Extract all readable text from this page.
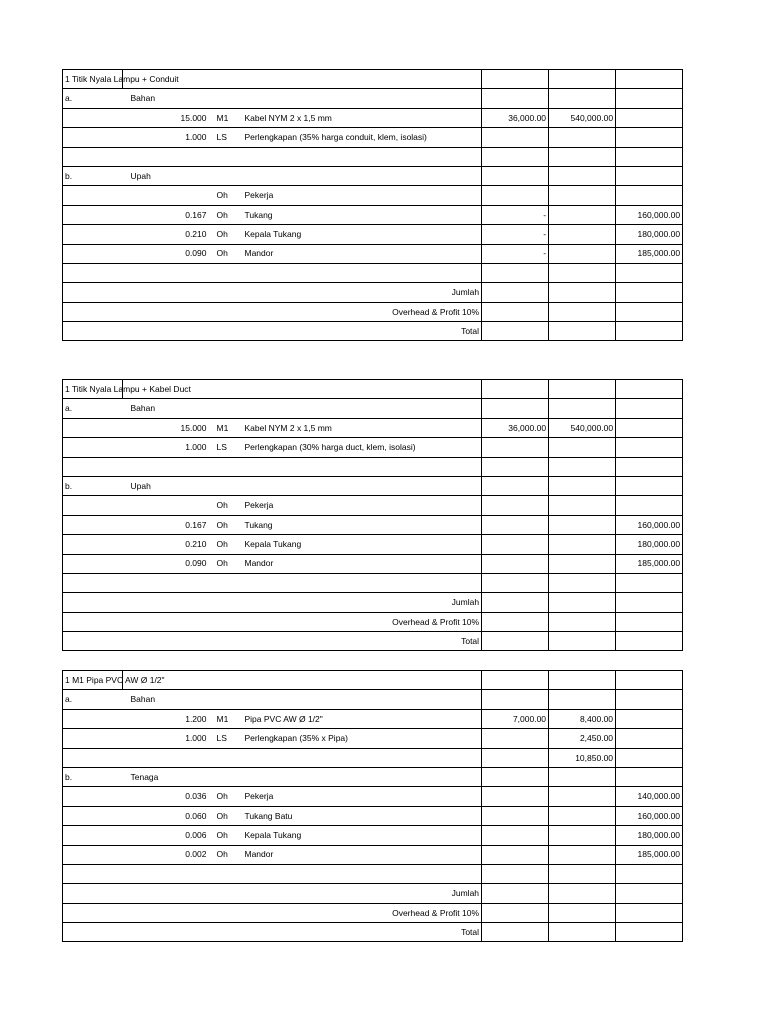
1 Titik Nyala Lampu + Conduit							
a.	Bahan						
		15.000	M1	Kabel NYM 2 x 1,5 mm	36,000.00	540,000.00	
		1.000	LS	Perlengkapan (35% harga conduit, klem, isolasi)			

b.	Upah						
			Oh	Pekerja			
		0.167	Oh	Tukang	-		160,000.00
		0.210	Oh	Kepala Tukang	-		180,000.00
		0.090	Oh	Mandor	-		185,000.00

Jumlah							
Overhead & Profit 10%							
Total							
1 Titik Nyala Lampu + Kabel Duct							
a.	Bahan						
		15.000	M1	Kabel NYM 2 x 1,5 mm	36,000.00	540,000.00	
		1.000	LS	Perlengkapan (30% harga duct, klem, isolasi)			

b.	Upah						
			Oh	Pekerja			
		0.167	Oh	Tukang			160,000.00
		0.210	Oh	Kepala Tukang			180,000.00
		0.090	Oh	Mandor			185,000.00

Jumlah							
Overhead & Profit 10%							
Total							
1 M1 Pipa PVC AW Ø 1/2"							
a.	Bahan						
		1.200	M1	Pipa PVC AW Ø 1/2"	7,000.00	8,400.00	
		1.000	LS	Perlengkapan (35% x Pipa)		2,450.00	
						10,850.00	
b.	Tenaga						
		0.036	Oh	Pekerja			140,000.00
		0.060	Oh	Tukang Batu			160,000.00
		0.006	Oh	Kepala Tukang			180,000.00
		0.002	Oh	Mandor			185,000.00

Jumlah							
Overhead & Profit 10%							
Total							
